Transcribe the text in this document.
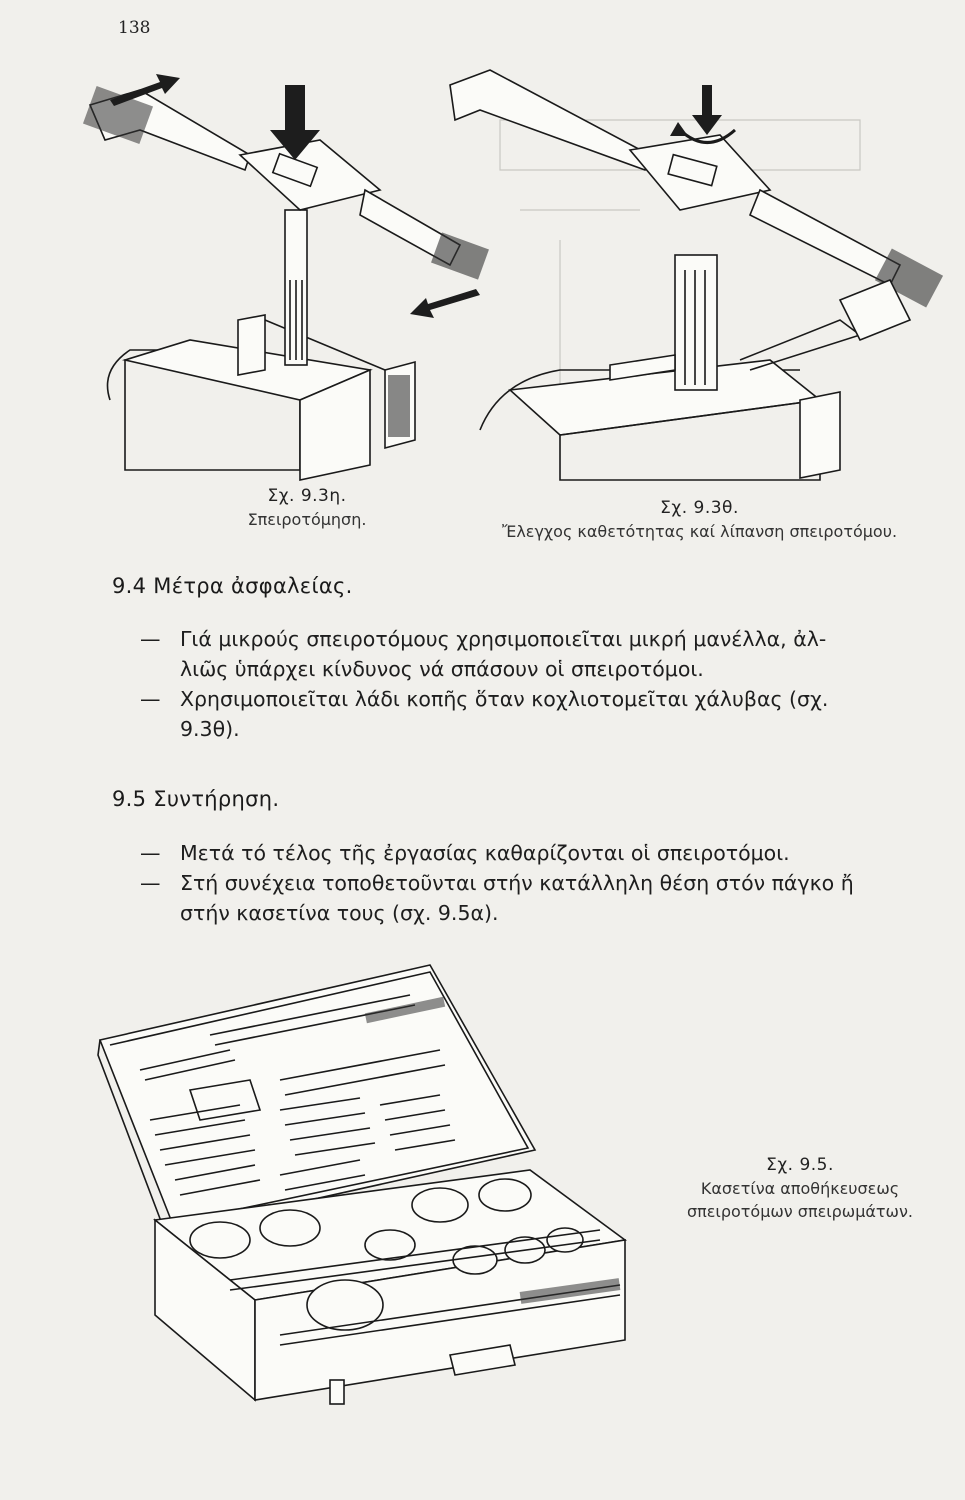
138
Σχ. 9.3η.
Σπειροτόμηση.
Σχ. 9.3θ.
Ἔλεγχος καθετότητας καί λίπανση σπειροτόμου.
9.4 Μέτρα ἀσφαλείας.
— Γιά μικρούς σπειροτόμους χρησιμοποιεῖται μικρή μανέλλα, ἀλ-
λιῶς ὑπάρχει κίνδυνος νά σπάσουν οἱ σπειροτόμοι.
— Χρησιμοποιεῖται λάδι κοπῆς ὅταν κοχλιοτομεῖται χάλυβας (σχ.
9.3θ).
9.5 Συντήρηση.
— Μετά τό τέλος τῆς ἐργασίας καθαρίζονται οἱ σπειροτόμοι.
— Στή συνέχεια τοποθετοῦνται στήν κατάλληλη θέση στόν πάγκο ἤ
στήν κασετίνα τους (σχ. 9.5α).
Σχ. 9.5.
Κασετίνα αποθήκευσεως
σπειροτόμων σπειρωμάτων.
